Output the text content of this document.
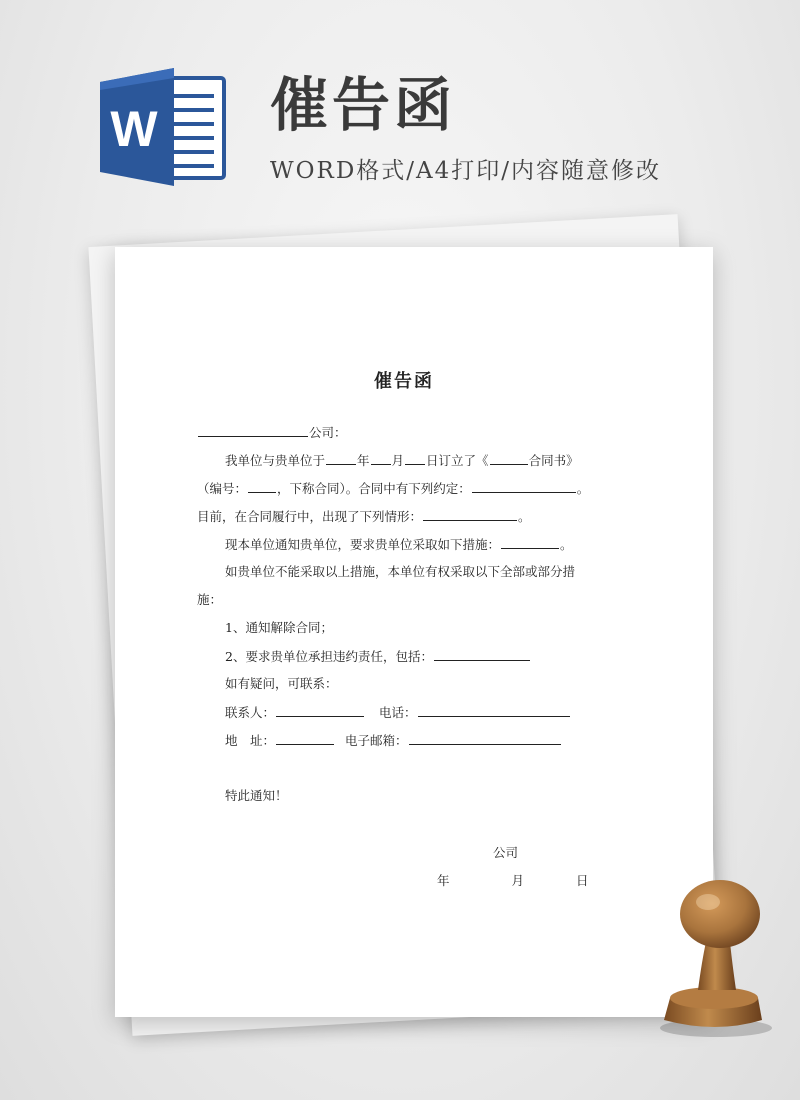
W 催告函
WORD格式/A4打印/内容随意修改
催告函
公司：
我单位与贵单位于	年 月 日订立了《	合同书》
（编号： ，下称合同）。合同中有下列约定：	。
目前，在合同履行中，出现了下列情形：	。
现本单位通知贵单位，要求贵单位采取如下措施：	。
如贵单位不能采取以上措施，本单位有权采取以下全部或部分措
施：
1、通知解除合同；
2、要求贵单位承担违约责任，包括：
如有疑问，可联系：
联系人：	电话：
地　址：	电子邮箱：
特此通知！
公司
年	月	日
